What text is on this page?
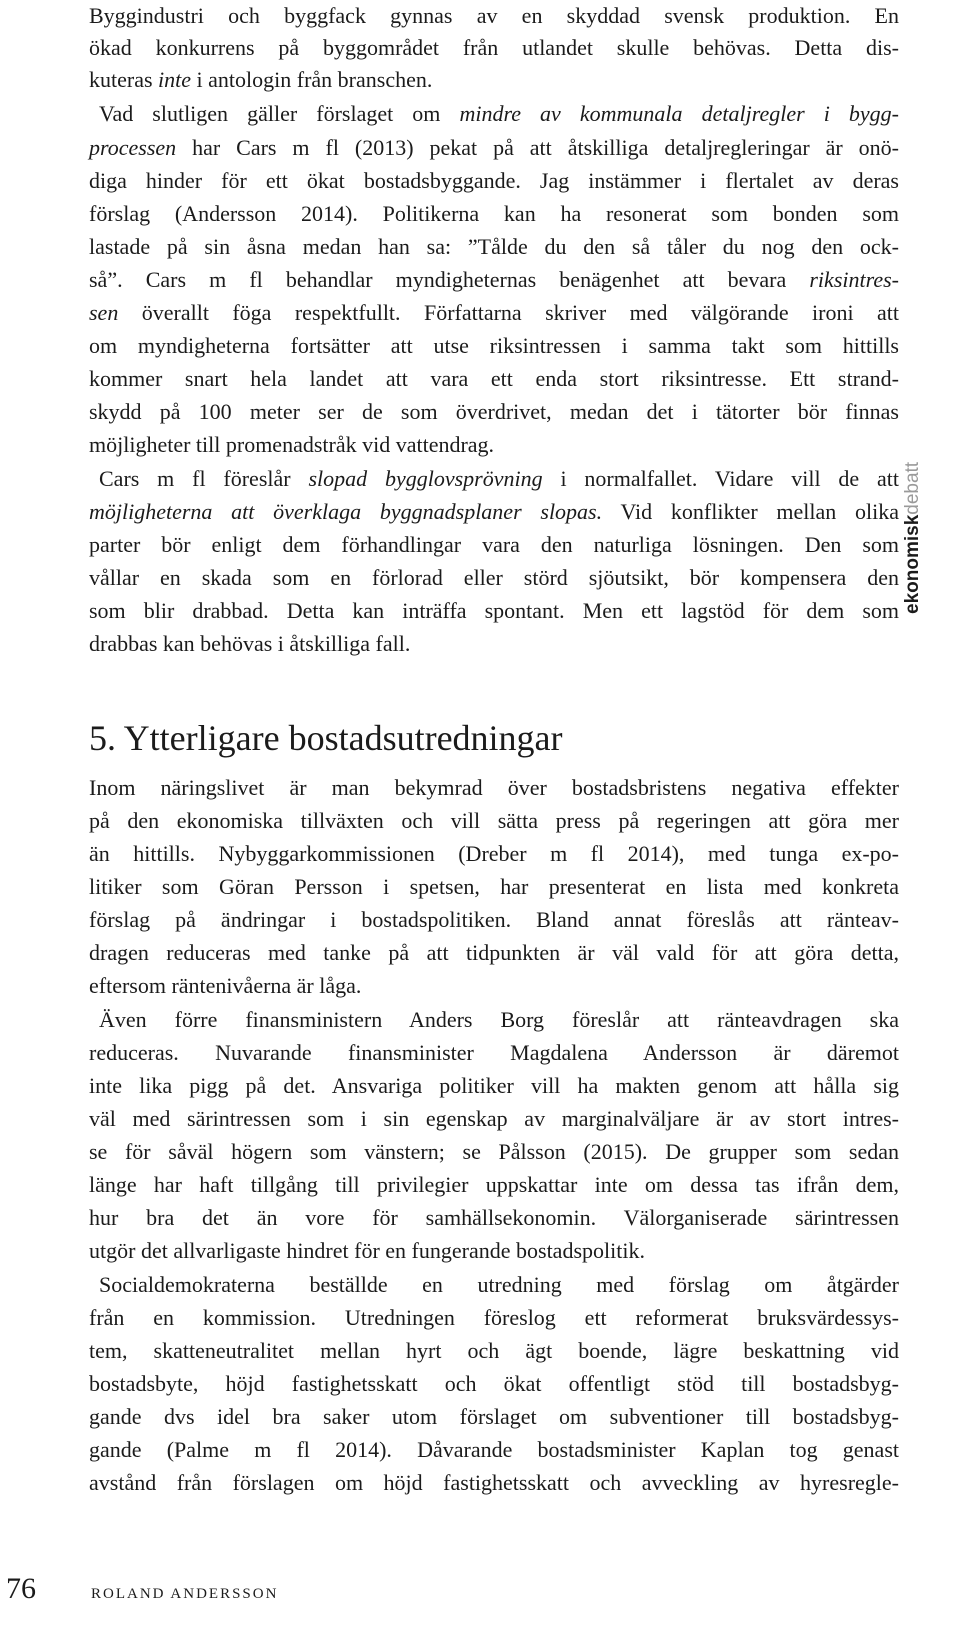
Byggindustri och byggfack gynnas av en skyddad svensk produktion. En
ökad konkurrens på byggområdet från utlandet skulle behövas. Detta dis-
kuteras inte i antologin från branschen.
Vad slutligen gäller förslaget om mindre av kommunala detaljregler i bygg-
processen har Cars m fl (2013) pekat på att åtskilliga detaljregleringar är onö-
diga hinder för ett ökat bostadsbyggande. Jag instämmer i flertalet av deras
förslag (Andersson 2014). Politikerna kan ha resonerat som bonden som
lastade på sin åsna medan han sa: ”Tålde du den så tåler du nog den ock-
så”. Cars m fl behandlar myndigheternas benägenhet att bevara riksintres-
sen överallt föga respektfullt. Författarna skriver med välgörande ironi att
om myndigheterna fortsätter att utse riksintressen i samma takt som hittills
kommer snart hela landet att vara ett enda stort riksintresse. Ett strand-
skydd på 100 meter ser de som överdrivet, medan det i tätorter bör finnas
möjligheter till promenadstråk vid vattendrag.
Cars m fl föreslår slopad bygglovsprövning i normalfallet. Vidare vill de att
möjligheterna att överklaga byggnadsplaner slopas. Vid konflikter mellan olika
parter bör enligt dem förhandlingar vara den naturliga lösningen. Den som
vållar en skada som en förlorad eller störd sjöutsikt, bör kompensera den
som blir drabbad. Detta kan inträffa spontant. Men ett lagstöd för dem som
drabbas kan behövas i åtskilliga fall.
5. Ytterligare bostadsutredningar
Inom näringslivet är man bekymrad över bostadsbristens negativa effekter
på den ekonomiska tillväxten och vill sätta press på regeringen att göra mer
än hittills. Nybyggarkommissionen (Dreber m fl 2014), med tunga ex-po-
litiker som Göran Persson i spetsen, har presenterat en lista med konkreta
förslag på ändringar i bostadspolitiken. Bland annat föreslås att ränteav-
dragen reduceras med tanke på att tidpunkten är väl vald för att göra detta,
eftersom räntenivåerna är låga.
Även förre finansministern Anders Borg föreslår att ränteavdragen ska
reduceras. Nuvarande finansminister Magdalena Andersson är däremot
inte lika pigg på det. Ansvariga politiker vill ha makten genom att hålla sig
väl med särintressen som i sin egenskap av marginalväljare är av stort intres-
se för såväl högern som vänstern; se Pålsson (2015). De grupper som sedan
länge har haft tillgång till privilegier uppskattar inte om dessa tas ifrån dem,
hur bra det än vore för samhällsekonomin. Välorganiserade särintressen
utgör det allvarligaste hindret för en fungerande bostadspolitik.
Socialdemokraterna beställde en utredning med förslag om åtgärder
från en kommission. Utredningen föreslog ett reformerat bruksvärdessys-
tem, skatteneutralitet mellan hyrt och ägt boende, lägre beskattning vid
bostadsbyte, höjd fastighetsskatt och ökat offentligt stöd till bostadsbyg-
gande dvs idel bra saker utom förslaget om subventioner till bostadsbyg-
gande (Palme m fl 2014). Dåvarande bostadsminister Kaplan tog genast
avstånd från förslagen om höjd fastighetsskatt och avveckling av hyresregle-
ekonomiskdebatt
76	ROLAND ANDERSSON
